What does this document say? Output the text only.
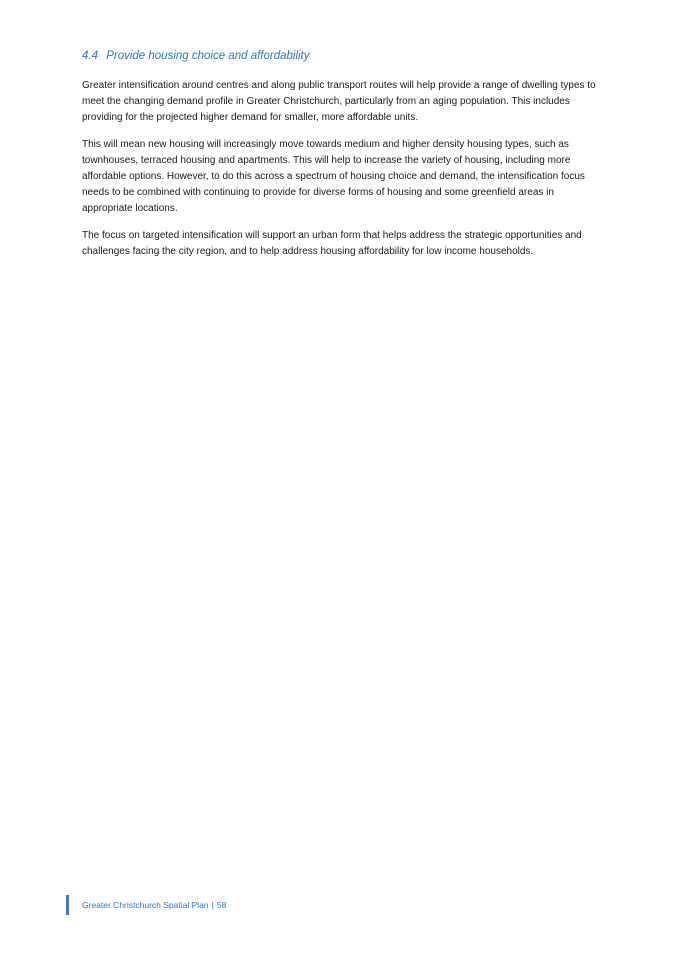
4.4 Provide housing choice and affordability

Greater intensification around centres and along public transport routes will help provide a range of dwelling types to meet the changing demand profile in Greater Christchurch, particularly from an aging population. This includes providing for the projected higher demand for smaller, more affordable units.

This will mean new housing will increasingly move towards medium and higher density housing types, such as townhouses, terraced housing and apartments. This will help to increase the variety of housing, including more affordable options. However, to do this across a spectrum of housing choice and demand, the intensification focus needs to be combined with continuing to provide for diverse forms of housing and some greenfield areas in appropriate locations.

The focus on targeted intensification will support an urban form that helps address the strategic opportunities and challenges facing the city region, and to help address housing affordability for low income households.

Greater Christchurch Spatial Plan | 58
